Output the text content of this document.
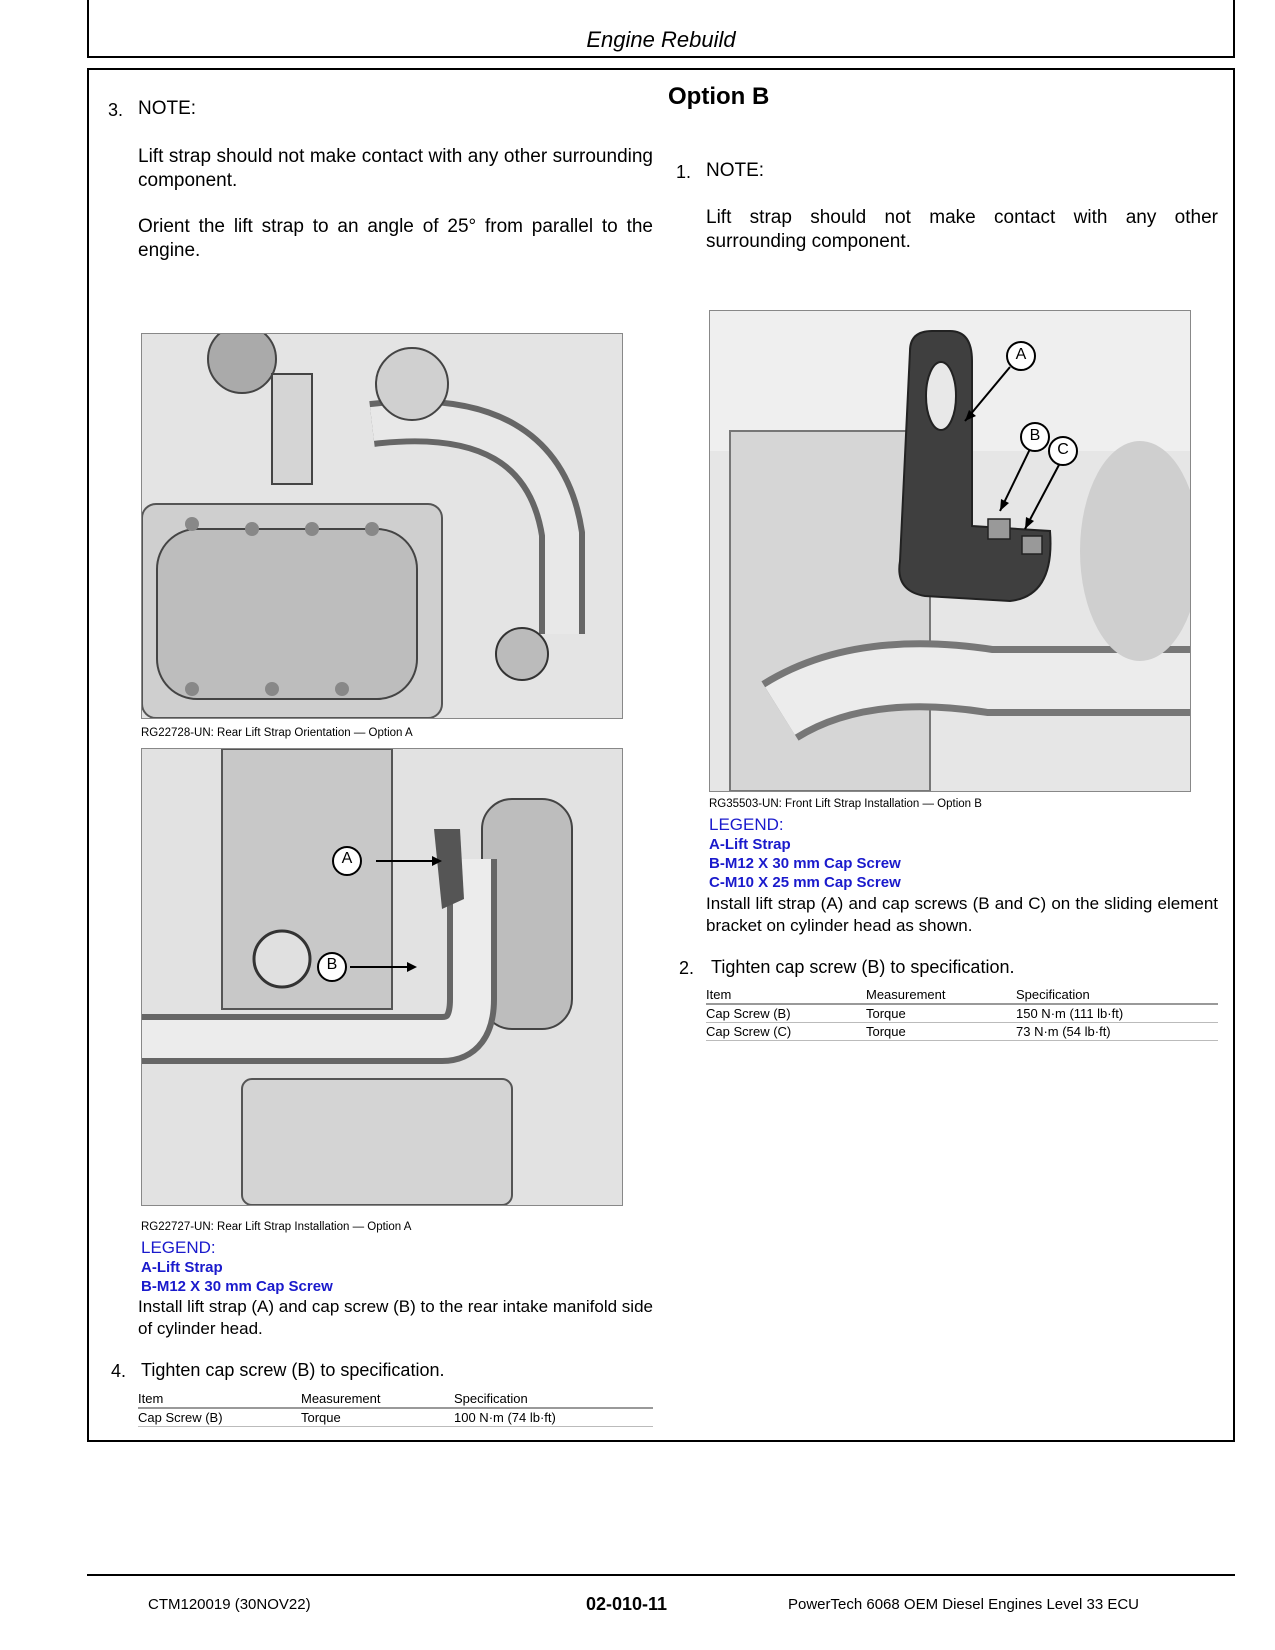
Engine Rebuild
3. NOTE:
Lift strap should not make contact with any other surrounding component.
Orient the lift strap to an angle of 25° from parallel to the engine.
RG22728-UN: Rear Lift Strap Orientation — Option A
A
B
RG22727-UN: Rear Lift Strap Installation — Option A
LEGEND:
A-Lift Strap
B-M12 X 30 mm Cap Screw
Install lift strap (A) and cap screw (B) to the rear intake manifold side of cylinder head.
4. Tighten cap screw (B) to specification.
Item	Measurement	Specification
Cap Screw (B)	Torque	100 N·m (74 lb·ft)
Option B
1. NOTE:
Lift strap should not make contact with any other surrounding component.
A
B
C
RG35503-UN: Front Lift Strap Installation — Option B
LEGEND:
A-Lift Strap
B-M12 X 30 mm Cap Screw
C-M10 X 25 mm Cap Screw
Install lift strap (A) and cap screws (B and C) on the sliding element bracket on cylinder head as shown.
2. Tighten cap screw (B) to specification.
Item	Measurement	Specification
Cap Screw (B)	Torque	150 N·m (111 lb·ft)
Cap Screw (C)	Torque	73 N·m (54 lb·ft)
CTM120019 (30NOV22)	02-010-11	PowerTech 6068 OEM Diesel Engines Level 33 ECU
